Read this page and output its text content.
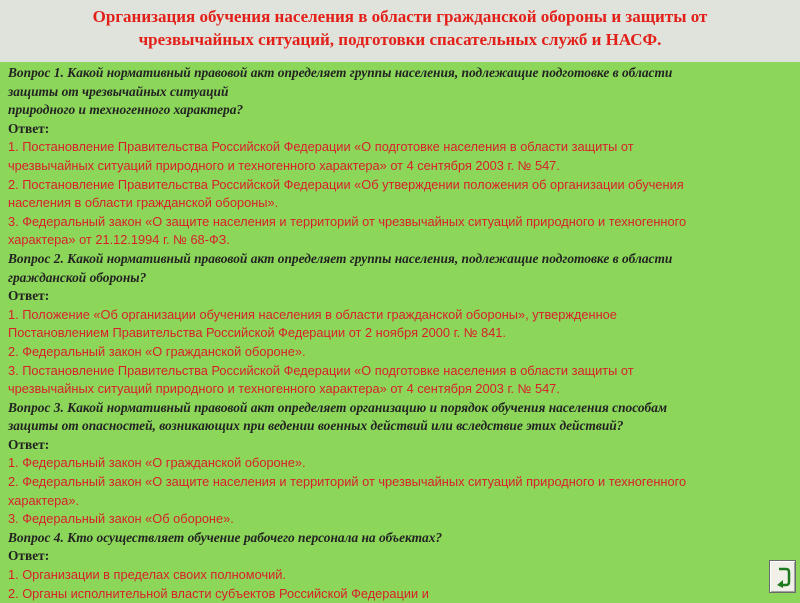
Организация обучения населения в области гражданской обороны и защиты от
чрезвычайных ситуаций, подготовки спасательных служб и НАСФ.
Вопрос 1. Какой нормативный правовой акт определяет группы населения, подлежащие подготовке в области
защиты от чрезвычайных ситуаций
природного и техногенного характера?
Ответ:
1. Постановление Правительства Российской Федерации «О подготовке населения в области защиты от
чрезвычайных ситуаций природного и техногенного характера» от 4 сентября 2003 г. № 547.
2. Постановление Правительства Российской Федерации «Об утверждении положения об организации обучения
населения в области гражданской обороны».
3. Федеральный закон «О защите населения и территорий от чрезвычайных ситуаций природного и техногенного
характера» от 21.12.1994 г. № 68-ФЗ.
Вопрос 2. Какой нормативный правовой акт определяет группы населения, подлежащие подготовке в области
гражданской обороны?
Ответ:
1. Положение «Об организации обучения населения в области гражданской обороны», утвержденное
Постановлением Правительства Российской Федерации от 2 ноября 2000 г. № 841.
2. Федеральный закон «О гражданской обороне».
3. Постановление Правительства Российской Федерации «О подготовке населения в области защиты от
чрезвычайных ситуаций природного и техногенного характера» от 4 сентября 2003 г. № 547.
Вопрос 3. Какой нормативный правовой акт определяет организацию и порядок обучения населения способам
защиты от опасностей, возникающих при ведении военных действий или вследствие этих действий?
Ответ:
1. Федеральный закон «О гражданской обороне».
2. Федеральный закон «О защите населения и территорий от чрезвычайных ситуаций природного и техногенного
характера».
3. Федеральный закон «Об обороне».
Вопрос 4. Кто осуществляет обучение рабочего персонала на объектах?
Ответ:
1. Организации в пределах своих полномочий.
2. Органы исполнительной власти субъектов Российской Федерации и
